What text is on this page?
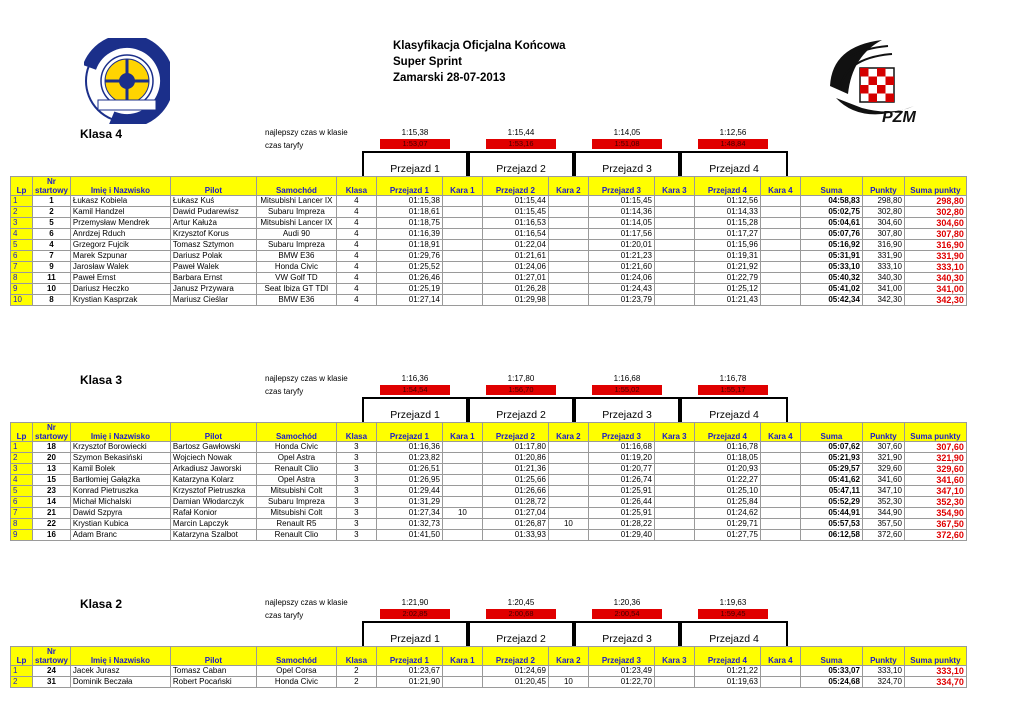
Klasyfikacja Oficjalna Końcowa
Super Sprint
Zamarski 28-07-2013
PZM
Klasa 4	najlepszy czas w klasie
czas taryfy
1:15,38
1:53,07
Przejazd 1
1:15,44
1:53,16
Przejazd 2
1:14,05
1:51,08
Przejazd 3
1:12,56
1:48,84
Przejazd 4
	Nr															
Lp	startowy	Imię i Nazwisko	Pilot	Samochód	Klasa	Przejazd 1	Kara 1	Przejazd 2	Kara 2	Przejazd 3	Kara 3	Przejazd 4	Kara 4	Suma	Punkty	Suma punkty
1	1	Łukasz Kobiela	Łukasz Kuś	Mitsubishi Lancer IX	4	01:15,38		01:15,44		01:15,45		01:12,56		04:58,83	298,80	298,80
2	2	Kamil Handzel	Dawid Pudarewisz	Subaru Impreza	4	01:18,61		01:15,45		01:14,36		01:14,33		05:02,75	302,80	302,80
3	5	Przemysław Mendrek	Artur Kałuża	Mitsubishi Lancer IX	4	01:18,75		01:16,53		01:14,05		01:15,28		05:04,61	304,60	304,60
4	6	Anrdzej Rduch	Krzysztof Korus	Audi 90	4	01:16,39		01:16,54		01:17,56		01:17,27		05:07,76	307,80	307,80
5	4	Grzegorz Fujcik	Tomasz Sztymon	Subaru Impreza	4	01:18,91		01:22,04		01:20,01		01:15,96		05:16,92	316,90	316,90
6	7	Marek Szpunar	Dariusz Polak	BMW E36	4	01:29,76		01:21,61		01:21,23		01:19,31		05:31,91	331,90	331,90
7	9	Jarosław Walek	Paweł Walek	Honda Civic	4	01:25,52		01:24,06		01:21,60		01:21,92		05:33,10	333,10	333,10
8	11	Paweł Ernst	Barbara Ernst	VW Golf TD	4	01:26,46		01:27,01		01:24,06		01:22,79		05:40,32	340,30	340,30
9	10	Dariusz Heczko	Janusz Przywara	Seat Ibiza GT TDI	4	01:25,19		01:26,28		01:24,43		01:25,12		05:41,02	341,00	341,00
10	8	Krystian Kasprzak	Mariusz Cieślar	BMW E36	4	01:27,14		01:29,98		01:23,79		01:21,43		05:42,34	342,30	342,30
Klasa 3	najlepszy czas w klasie
czas taryfy
1:16,36
1:54,54
Przejazd 1
1:17,80
1:56,70
Przejazd 2
1:16,68
1:55,02
Przejazd 3
1:16,78
1:55,17
Przejazd 4
	Nr															
Lp	startowy	Imię i Nazwisko	Pilot	Samochód	Klasa	Przejazd 1	Kara 1	Przejazd 2	Kara 2	Przejazd 3	Kara 3	Przejazd 4	Kara 4	Suma	Punkty	Suma punkty
1	18	Krzysztof Borowiecki	Bartosz Gawłowski	Honda Civic	3	01:16,36		01:17,80		01:16,68		01:16,78		05:07,62	307,60	307,60
2	20	Szymon Bekasiński	Wojciech Nowak	Opel Astra	3	01:23,82		01:20,86		01:19,20		01:18,05		05:21,93	321,90	321,90
3	13	Kamil Bolek	Arkadiusz Jaworski	Renault Clio	3	01:26,51		01:21,36		01:20,77		01:20,93		05:29,57	329,60	329,60
4	15	Bartłomiej Gałązka	Katarzyna Kolarz	Opel Astra	3	01:26,95		01:25,66		01:26,74		01:22,27		05:41,62	341,60	341,60
5	23	Konrad Pietruszka	Krzysztof Pietruszka	Mitsubishi Colt	3	01:29,44		01:26,66		01:25,91		01:25,10		05:47,11	347,10	347,10
6	14	Michał Michalski	Damian Włodarczyk	Subaru Impreza	3	01:31,29		01:28,72		01:26,44		01:25,84		05:52,29	352,30	352,30
7	21	Dawid Szpyra	Rafał Konior	Mitsubishi Colt	3	01:27,34	10	01:27,04		01:25,91		01:24,62		05:44,91	344,90	354,90
8	22	Krystian Kubica	Marcin Lapczyk	Renault R5	3	01:32,73		01:26,87	10	01:28,22		01:29,71		05:57,53	357,50	367,50
9	16	Adam Branc	Katarzyna Szalbot	Renault Clio	3	01:41,50		01:33,93		01:29,40		01:27,75		06:12,58	372,60	372,60
Klasa 2	najlepszy czas w klasie
czas taryfy
1:21,90
2:02,85
Przejazd 1
1:20,45
2:00,68
Przejazd 2
1:20,36
2:00,54
Przejazd 3
1:19,63
1:59,45
Przejazd 4
	Nr															
Lp	startowy	Imię i Nazwisko	Pilot	Samochód	Klasa	Przejazd 1	Kara 1	Przejazd 2	Kara 2	Przejazd 3	Kara 3	Przejazd 4	Kara 4	Suma	Punkty	Suma punkty
1	24	Jacek Jurasz	Tomasz Caban	Opel Corsa	2	01:23,67		01:24,69		01:23,49		01:21,22		05:33,07	333,10	333,10
2	31	Dominik Beczała	Robert Pocański	Honda Civic	2	01:21,90		01:20,45	10	01:22,70		01:19,63		05:24,68	324,70	334,70
